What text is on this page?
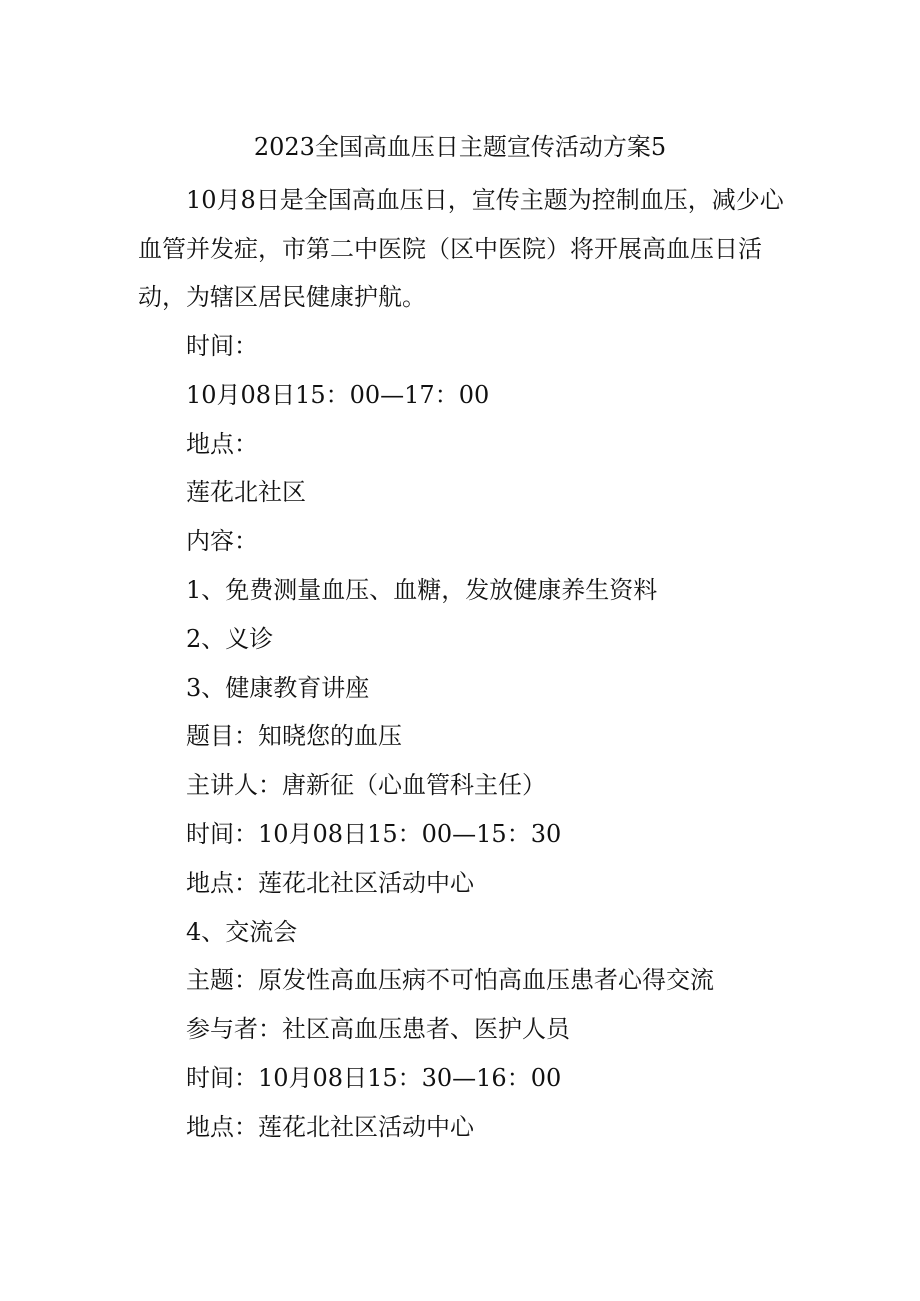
2023全国高血压日主题宣传活动方案5
10月8日是全国高血压日，宣传主题为控制血压，减少心血管并发症，市第二中医院（区中医院）将开展高血压日活动，为辖区居民健康护航。
时间：
10月08日15：00—17：00
地点：
莲花北社区
内容：
1、免费测量血压、血糖，发放健康养生资料
2、义诊
3、健康教育讲座
题目：知晓您的血压
主讲人：唐新征（心血管科主任）
时间：10月08日15：00—15：30
地点：莲花北社区活动中心
4、交流会
主题：原发性高血压病不可怕高血压患者心得交流
参与者：社区高血压患者、医护人员
时间：10月08日15：30—16：00
地点：莲花北社区活动中心
